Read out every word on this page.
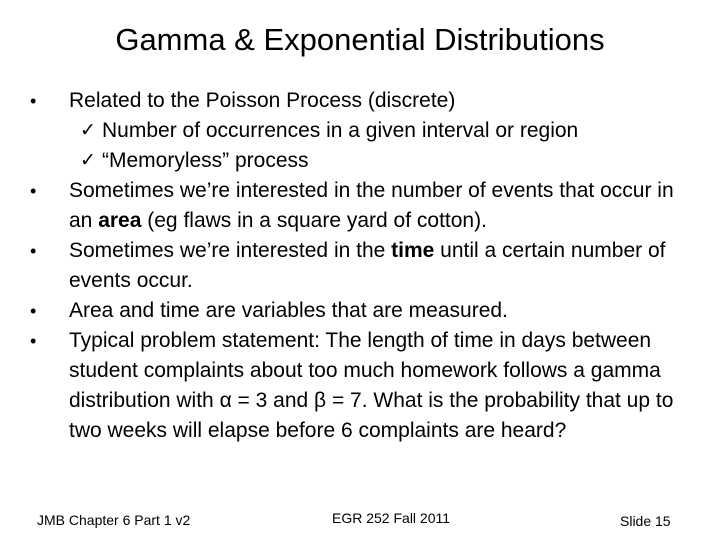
Gamma & Exponential Distributions
• Related to the Poisson Process (discrete)
✓ Number of occurrences in a given interval or region
✓ “Memoryless” process
• Sometimes we’re interested in the number of events that occur in an area (eg flaws in a square yard of cotton).
• Sometimes we’re interested in the time until a certain number of events occur.
• Area and time are variables that are measured.
• Typical problem statement: The length of time in days between student complaints about too much homework follows a gamma distribution with α = 3 and β = 7. What is the probability that up to two weeks will elapse before 6 complaints are heard?
JMB Chapter 6 Part 1 v2	EGR 252 Fall 2011	Slide 15
